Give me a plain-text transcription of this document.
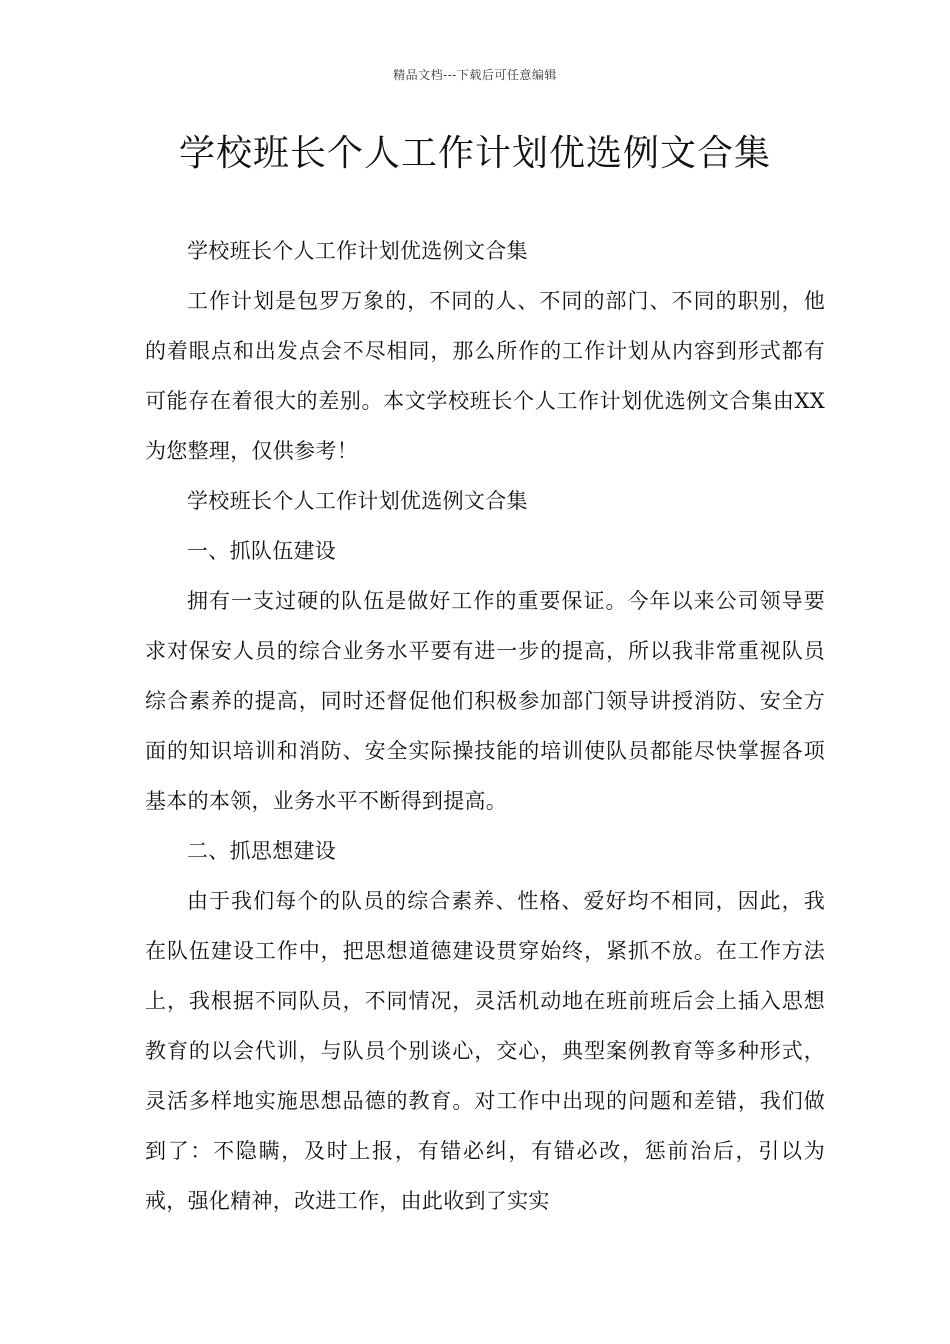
精品文档---下载后可任意编辑
学校班长个人工作计划优选例文合集

学校班长个人工作计划优选例文合集

工作计划是包罗万象的，不同的人、不同的部门、不同的职别，他的着眼点和出发点会不尽相同，那么所作的工作计划从内容到形式都有可能存在着很大的差别。本文学校班长个人工作计划优选例文合集由XX为您整理，仅供参考！

学校班长个人工作计划优选例文合集

一、抓队伍建设

拥有一支过硬的队伍是做好工作的重要保证。今年以来公司领导要求对保安人员的综合业务水平要有进一步的提高，所以我非常重视队员综合素养的提高，同时还督促他们积极参加部门领导讲授消防、安全方面的知识培训和消防、安全实际操技能的培训使队员都能尽快掌握各项基本的本领，业务水平不断得到提高。

二、抓思想建设

由于我们每个的队员的综合素养、性格、爱好均不相同，因此，我在队伍建设工作中，把思想道德建设贯穿始终，紧抓不放。在工作方法上，我根据不同队员，不同情况，灵活机动地在班前班后会上插入思想教育的以会代训，与队员个别谈心，交心，典型案例教育等多种形式，灵活多样地实施思想品德的教育。对工作中出现的问题和差错，我们做到了：不隐瞒，及时上报，有错必纠，有错必改，惩前治后，引以为戒，强化精神，改进工作，由此收到了实实
